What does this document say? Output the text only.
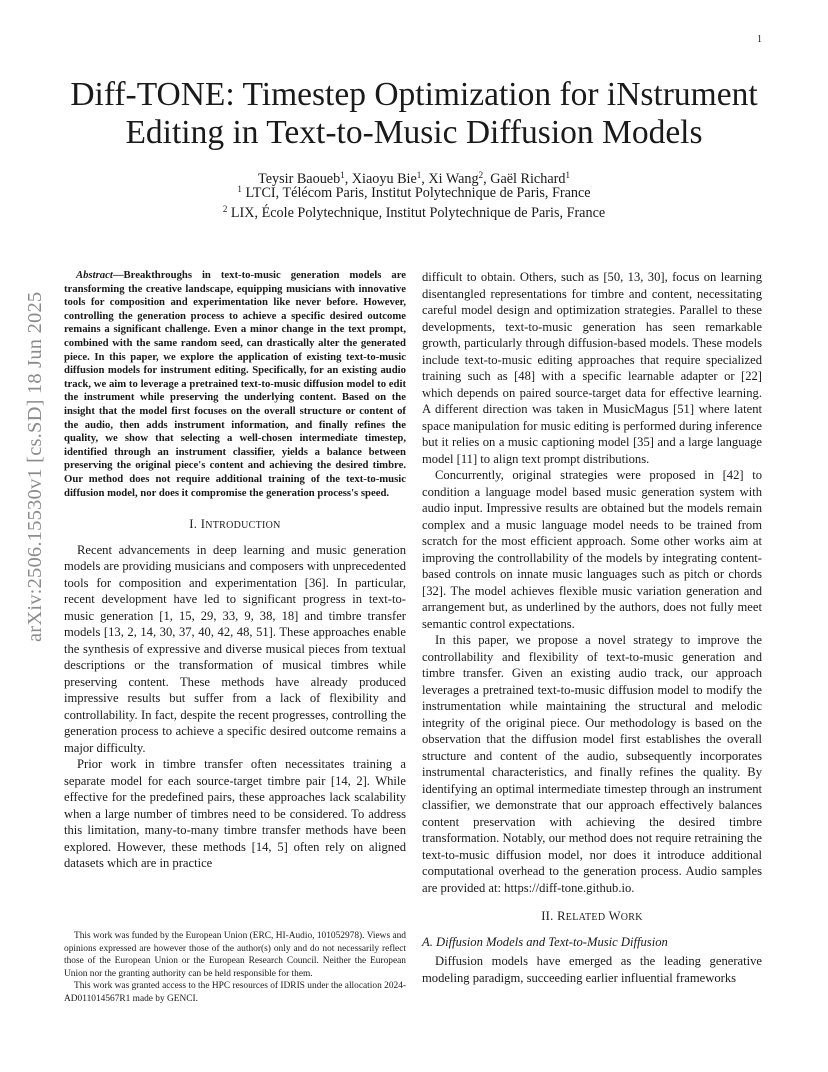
1
arXiv:2506.15530v1 [cs.SD] 18 Jun 2025
Diff-TONE: Timestep Optimization for iNstrument Editing in Text-to-Music Diffusion Models
Teysir Baoueb$^1$, Xiaoyu Bie$^1$, Xi Wang$^2$, Gaël Richard$^1$
$^1$ LTCI, Télécom Paris, Institut Polytechnique de Paris, France
$^2$ LIX, École Polytechnique, Institut Polytechnique de Paris, France

Abstract—Breakthroughs in text-to-music generation models are transforming the creative landscape, equipping musicians with innovative tools for composition and experimentation like never before. However, controlling the generation process to achieve a specific desired outcome remains a significant challenge. Even a minor change in the text prompt, combined with the same random seed, can drastically alter the generated piece. In this paper, we explore the application of existing text-to-music diffusion models for instrument editing. Specifically, for an existing audio track, we aim to leverage a pretrained text-to-music diffusion model to edit the instrument while preserving the underlying content. Based on the insight that the model first focuses on the overall structure or content of the audio, then adds instrument information, and finally refines the quality, we show that selecting a well-chosen intermediate timestep, identified through an instrument classifier, yields a balance between preserving the original piece's content and achieving the desired timbre. Our method does not require additional training of the text-to-music diffusion model, nor does it compromise the generation process's speed.

I. INTRODUCTION

Recent advancements in deep learning and music generation models are providing musicians and composers with unprecedented tools for composition and experimentation [36]. In particular, recent development have led to significant progress in text-to-music generation [1, 15, 29, 33, 9, 38, 18] and timbre transfer models [13, 2, 14, 30, 37, 40, 42, 48, 51]. These approaches enable the synthesis of expressive and diverse musical pieces from textual descriptions or the transformation of musical timbres while preserving content. These methods have already produced impressive results but suffer from a lack of flexibility and controllability. In fact, despite the recent progresses, controlling the generation process to achieve a specific desired outcome remains a major difficulty.

Prior work in timbre transfer often necessitates training a separate model for each source-target timbre pair [14, 2]. While effective for the predefined pairs, these approaches lack scalability when a large number of timbres need to be considered. To address this limitation, many-to-many timbre transfer methods have been explored. However, these methods [14, 5] often rely on aligned datasets which are in practice

This work was funded by the European Union (ERC, HI-Audio, 101052978). Views and opinions expressed are however those of the author(s) only and do not necessarily reflect those of the European Union or the European Research Council. Neither the European Union nor the granting authority can be held responsible for them.

This work was granted access to the HPC resources of IDRIS under the allocation 2024-AD011014567R1 made by GENCI.

difficult to obtain. Others, such as [50, 13, 30], focus on learning disentangled representations for timbre and content, necessitating careful model design and optimization strategies. Parallel to these developments, text-to-music generation has seen remarkable growth, particularly through diffusion-based models. These models include text-to-music editing approaches that require specialized training such as [48] with a specific learnable adapter or [22] which depends on paired source-target data for effective learning. A different direction was taken in MusicMagus [51] where latent space manipulation for music editing is performed during inference but it relies on a music captioning model [35] and a large language model [11] to align text prompt distributions.

Concurrently, original strategies were proposed in [42] to condition a language model based music generation system with audio input. Impressive results are obtained but the models remain complex and a music language model needs to be trained from scratch for the most efficient approach. Some other works aim at improving the controllability of the models by integrating content-based controls on innate music languages such as pitch or chords [32]. The model achieves flexible music variation generation and arrangement but, as underlined by the authors, does not fully meet semantic control expectations.

In this paper, we propose a novel strategy to improve the controllability and flexibility of text-to-music generation and timbre transfer. Given an existing audio track, our approach leverages a pretrained text-to-music diffusion model to modify the instrumentation while maintaining the structural and melodic integrity of the original piece. Our methodology is based on the observation that the diffusion model first establishes the overall structure and content of the audio, subsequently incorporates instrumental characteristics, and finally refines the quality. By identifying an optimal intermediate timestep through an instrument classifier, we demonstrate that our approach effectively balances content preservation with achieving the desired timbre transformation. Notably, our method does not require retraining the text-to-music diffusion model, nor does it introduce additional computational overhead to the generation process. Audio samples are provided at: https://diff-tone.github.io.

II. RELATED WORK
A. Diffusion Models and Text-to-Music Diffusion

Diffusion models have emerged as the leading generative modeling paradigm, succeeding earlier influential frameworks
